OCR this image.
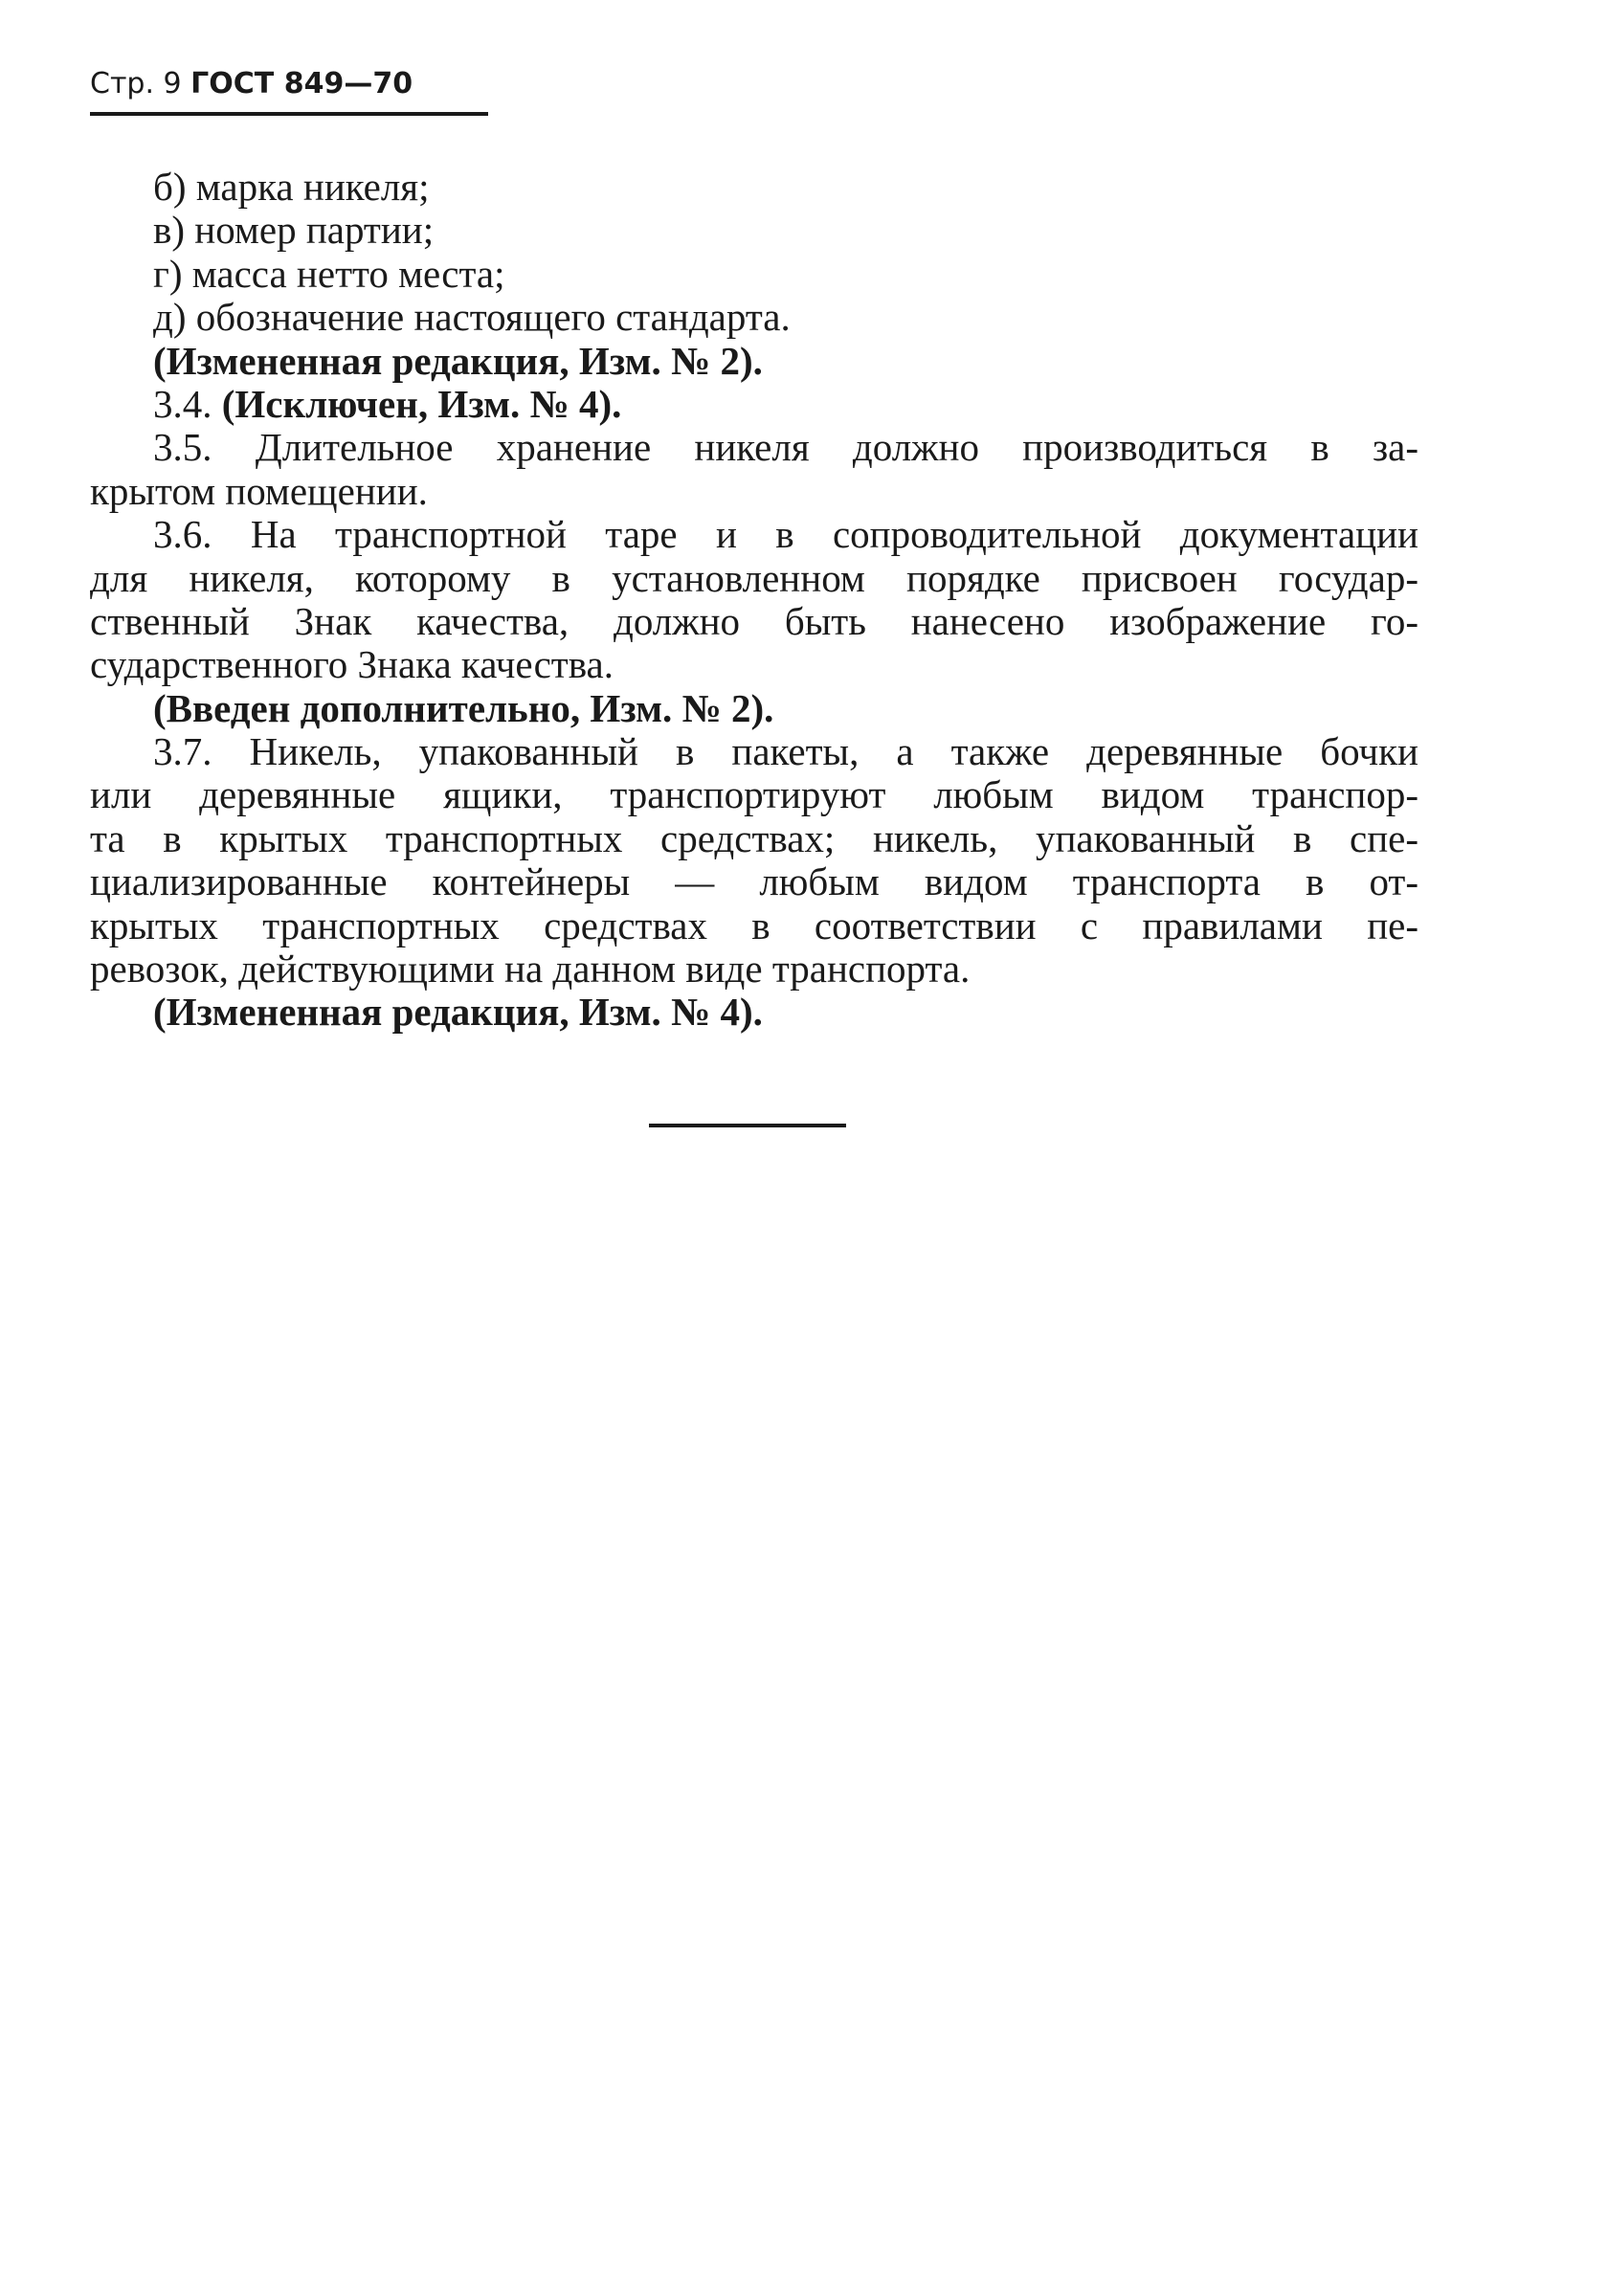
Стр. 9 ГОСТ 849—70
б) марка никеля;
в) номер партии;
г) масса нетто места;
д) обозначение настоящего стандарта.
(Измененная редакция, Изм. № 2).
3.4. (Исключен, Изм. № 4).
3.5. Длительное хранение никеля должно производиться в за-
крытом помещении.
3.6. На транспортной таре и в сопроводительной документации
для никеля, которому в установленном порядке присвоен государ-
ственный Знак качества, должно быть нанесено изображение го-
сударственного Знака качества.
(Введен дополнительно, Изм. № 2).
3.7. Никель, упакованный в пакеты, а также деревянные бочки
или деревянные ящики, транспортируют любым видом транспор-
та в крытых транспортных средствах; никель, упакованный в спе-
циализированные контейнеры — любым видом транспорта в от-
крытых транспортных средствах в соответствии с правилами пе-
ревозок, действующими на данном виде транспорта.
(Измененная редакция, Изм. № 4).
